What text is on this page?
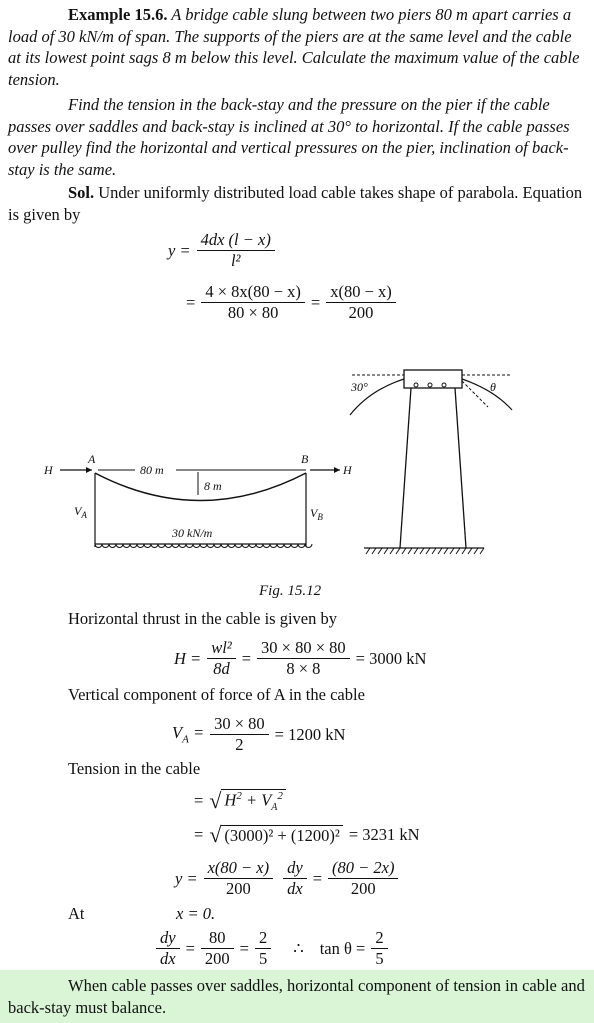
Example 15.6. A bridge cable slung between two piers 80 m apart carries a load of 30 kN/m of span. The supports of the piers are at the same level and the cable at its lowest point sags 8 m below this level. Calculate the maximum value of the cable tension.

Find the tension in the back-stay and the pressure on the pier if the cable passes over saddles and back-stay is inclined at 30° to horizontal. If the cable passes over pulley find the horizontal and vertical pressures on the pier, inclination of back-stay is the same.

Sol. Under uniformly distributed load cable takes shape of parabola. Equation is given by

$y = \frac{4dx (l - x)}{\text{l²}}$
= $\frac{4 \times 8x(80 - x)}{80 \times 80} = \frac{x(80 - x)}{200}$
H
A
80 m
8 m
B
H
$V_A$	$V_B$
30 kN/m
30°	θ
Fig. 15.12

Horizontal thrust in the cable is given by

$H = \frac{\text{wl²}}{8d} = \frac{30 \times 80 \times 80}{8 \times 8} = 3000$ kN

Vertical component of force of A in the cable

$V_A = \frac{30 \times 80}{2} = 1200$ kN

Tension in the cable

= √ $H^2 + V_A^2$
= √ (3000)² + (1200)² = 3231 kN
$y = \frac{x(80 - x)}{200} \frac{dy}{dx} = \frac{(80 - 2x)}{200}$
At	x = 0.
$\frac{dy}{dx} = \frac{80}{200} = \frac{2}{5}$ ∴ $\tan \theta = \frac{2}{5}$

When cable passes over saddles, horizontal component of tension in cable and back-stay must balance.
